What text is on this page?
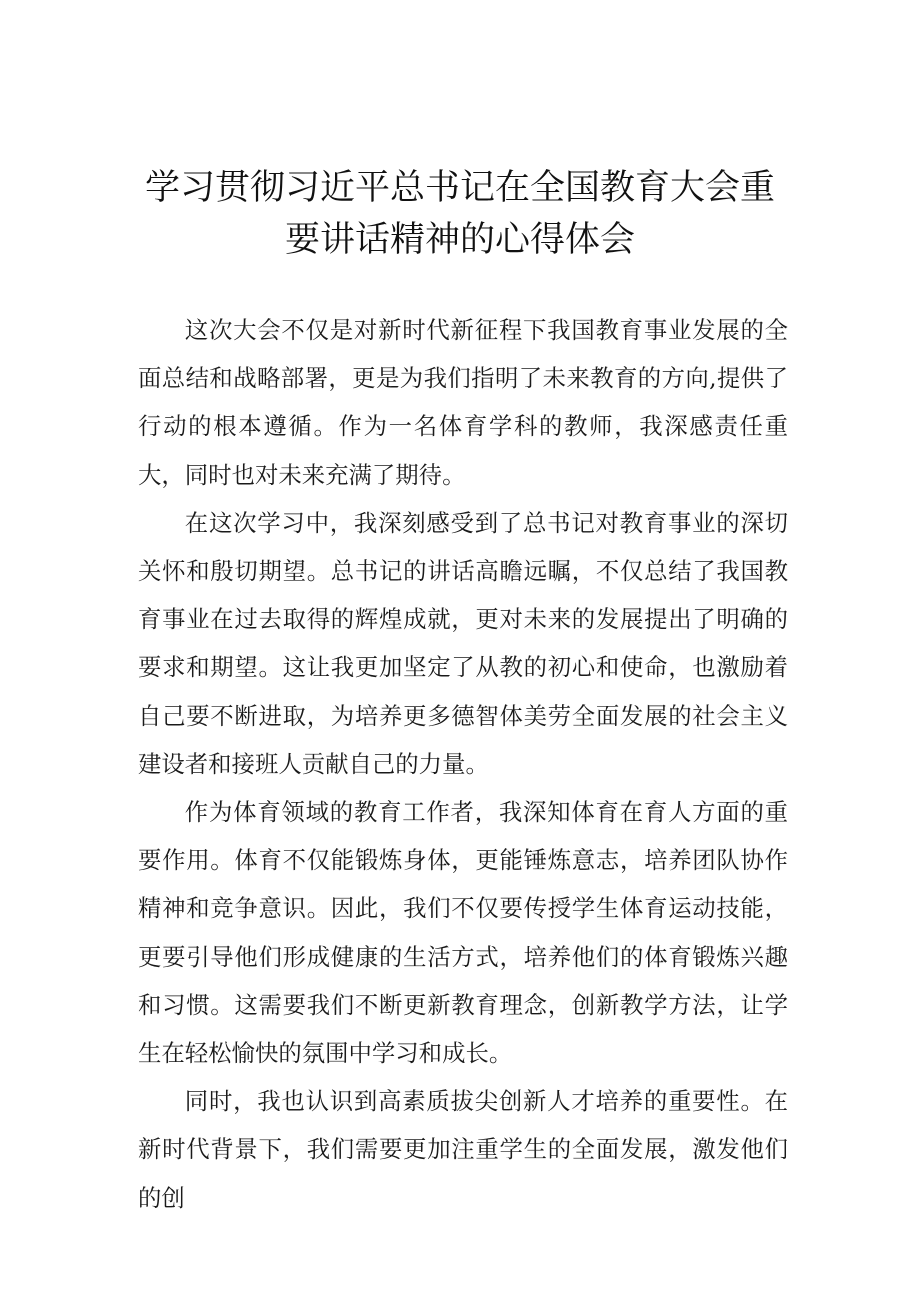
学习贯彻习近平总书记在全国教育大会重
要讲话精神的心得体会

这次大会不仅是对新时代新征程下我国教育事业发展的全面总结和战略部署，更是为我们指明了未来教育的方向,提供了行动的根本遵循。作为一名体育学科的教师，我深感责任重大，同时也对未来充满了期待。

在这次学习中，我深刻感受到了总书记对教育事业的深切关怀和殷切期望。总书记的讲话高瞻远瞩，不仅总结了我国教育事业在过去取得的辉煌成就，更对未来的发展提出了明确的要求和期望。这让我更加坚定了从教的初心和使命，也激励着自己要不断进取，为培养更多德智体美劳全面发展的社会主义建设者和接班人贡献自己的力量。

作为体育领域的教育工作者，我深知体育在育人方面的重要作用。体育不仅能锻炼身体，更能锤炼意志，培养团队协作精神和竞争意识。因此，我们不仅要传授学生体育运动技能，更要引导他们形成健康的生活方式，培养他们的体育锻炼兴趣和习惯。这需要我们不断更新教育理念，创新教学方法，让学生在轻松愉快的氛围中学习和成长。

同时，我也认识到高素质拔尖创新人才培养的重要性。在新时代背景下，我们需要更加注重学生的全面发展，激发他们的创
